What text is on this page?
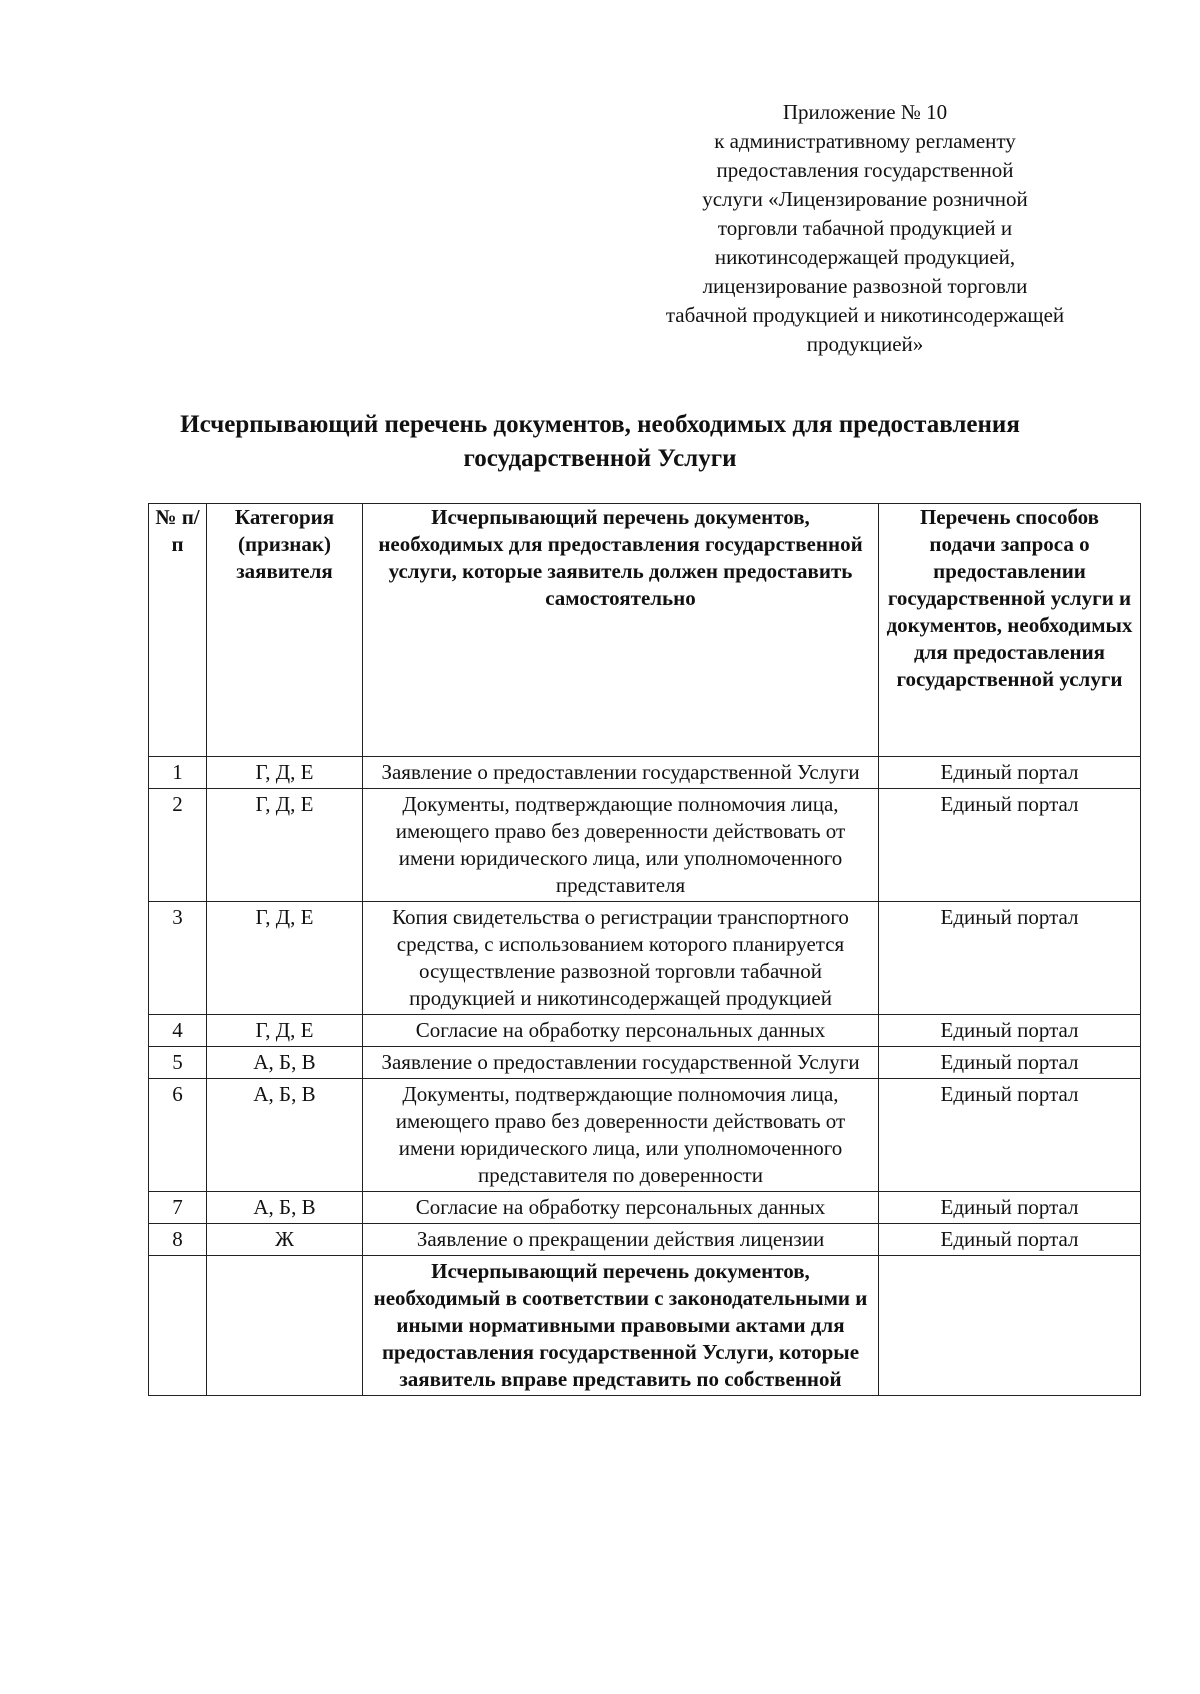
Приложение № 10
к административному регламенту
предоставления государственной
услуги «Лицензирование розничной
торговли табачной продукцией и
никотинсодержащей продукцией,
лицензирование развозной торговли
табачной продукцией и никотинсодержащей
продукцией»
Исчерпывающий перечень документов, необходимых для предоставления
государственной Услуги
№ п/п	Категория (признак) заявителя	Исчерпывающий перечень документов, необходимых для предоставления государственной услуги, которые заявитель должен предоставить самостоятельно	Перечень способов подачи запроса о предоставлении государственной услуги и документов, необходимых для предоставления государственной услуги
1	Г, Д, Е	Заявление о предоставлении государственной Услуги	Единый портал
2	Г, Д, Е	Документы, подтверждающие полномочия лица, имеющего право без доверенности действовать от имени юридического лица, или уполномоченного представителя	Единый портал
3	Г, Д, Е	Копия свидетельства о регистрации транспортного средства, с использованием которого планируется осуществление развозной торговли табачной продукцией и никотинсодержащей продукцией	Единый портал
4	Г, Д, Е	Согласие на обработку персональных данных	Единый портал
5	А, Б, В	Заявление о предоставлении государственной Услуги	Единый портал
6	А, Б, В	Документы, подтверждающие полномочия лица, имеющего право без доверенности действовать от имени юридического лица, или уполномоченного представителя по доверенности	Единый портал
7	А, Б, В	Согласие на обработку персональных данных	Единый портал
8	Ж	Заявление о прекращении действия лицензии	Единый портал
		Исчерпывающий перечень документов, необходимый в соответствии с законодательными и иными нормативными правовыми актами для предоставления государственной Услуги, которые заявитель вправе представить по собственной	
